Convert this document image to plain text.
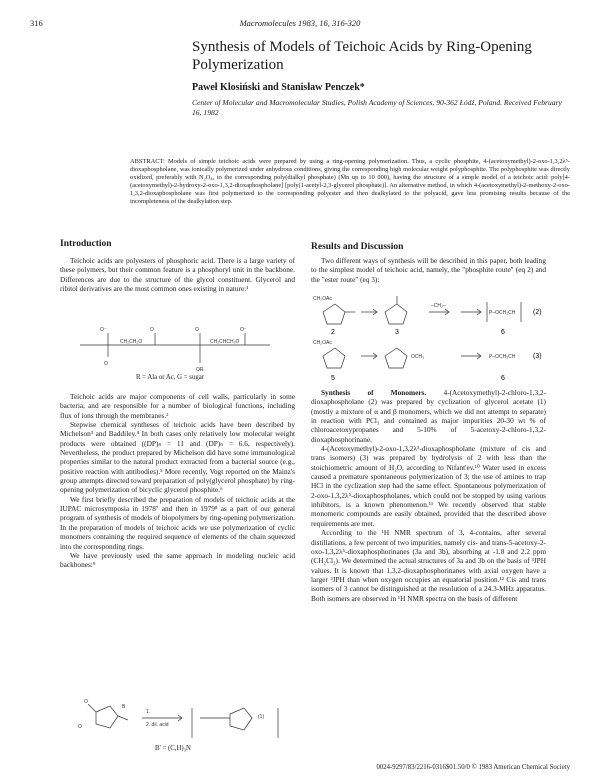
316	Macromolecules 1983, 16, 316-320
Synthesis of Models of Teichoic Acids by Ring-Opening Polymerization
Paweł Klosiński and Stanisław Penczek*
Center of Molecular and Macromolecular Studies, Polish Academy of Sciences, 90-362 Łódź, Poland. Received February 16, 1982
ABSTRACT: Models of simple teichoic acids were prepared by using a ring-opening polymerization. Thus, a cyclic phosphite, 4-(acetoxymethyl)-2-oxo-1,3,2λ⁵-dioxaphospholane, was ionically polymerized under anhydrous conditions, giving the corresponding high molecular weight polyphosphite. The polyphosphite was directly oxidized, preferably with N₂O₄, to the corresponding poly(dialkyl phosphate) (M̄n up to 10 000), having the structure of a simple model of a teichoic acid: poly[4-(acetoxymethyl)-2-hydroxy-2-oxo-1,3,2-dioxaphospholane] [poly(1-acetyl-2,3-glycerol phosphate)]. An alternative method, in which 4-(acetoxymethyl)-2-methoxy-2-oxo-1,3,2-dioxaphospholane was first polymerized to the corresponding polyester and then dealkylated to the polyacid, gave less promising results because of the incompleteness of the dealkylation step.
Introduction

Teichoic acids are polyesters of phosphoric acid. There is a large variety of these polymers, but their common feature is a phosphoryl unit in the backbone. Differences are due to the structure of the glycol constituent. Glycerol and ribitol derivatives are the most common ones existing in nature:¹

O⁻	O	O	O⁻
O
OR
CH₂CH₂O	CH₂CHCH₂O
R = Ala or Ac, G = sugar

Teichoic acids are major components of cell walls, particularly in some bacteria, and are responsible for a number of biological functions, including flux of ions through the membranes.²

Stepwise chemical syntheses of teichoic acids have been described by Michelson³ and Baddiley.⁴ In both cases only relatively low molecular weight products were obtained ((DP)ₙ = 11 and (DP)ₙ = 6.6, respectively). Nevertheless, the product prepared by Michelson did have some immunological properties similar to the natural product extracted from a bacterial source (e.g., positive reaction with antibodies).⁵ More recently, Vogt reported on the Mainz's group attempts directed toward preparation of poly(glycerol phosphate) by ring-opening polymerization of bicyclic glycerol phosphite.⁶

We first briefly described the preparation of models of teichoic acids at the IUPAC microsymposia in 1978⁷ and then in 1979⁸ as a part of our general program of synthesis of models of biopolymers by ring-opening polymerization. In the preparation of models of teichoic acids we use polymerization of cyclic monomers containing the required sequence of elements of the chain squeezed into the corresponding rings.

We have previously used the same approach in modeling nucleic acid backbones:⁹

O
B
O
1.
2. dil. acid
(1)
B' = (C,H)₃N
Results and Discussion

Two different ways of synthesis will be described in this paper, both leading to the simplest model of teichoic acid, namely, the "phosphite route" (eq 2) and the "ester route" (eq 3):

CH₂OAc
–CH₂–
P–OCH₂CH
CH₂OAc
OCH₃	P–OCH₂CH
(2)
(3)
2	3	6
5	6

Synthesis of Monomers. 4-(Acetoxymethyl)-2-chloro-1,3,2-dioxaphospholane (2) was prepared by cyclization of glycerol acetate (1) (mostly a mixture of α and β monomers, which we did not attempt to separate) in reaction with PCl₃ and contained as major impurities 20-30 wt % of chloroacetoxypropanes and 5-10% of 5-acetoxy-2-chloro-1,3,2-dioxaphosphorinane.

4-(Acetoxymethyl)-2-oxo-1,3,2λ⁵-dioxaphospholane (mixture of cis and trans isomers) (3) was prepared by hydrolysis of 2 with less than the stoichiometric amount of H₂O, according to Nifant'ev.¹⁰ Water used in excess caused a premature spontaneous polymerization of 3; the use of amines to trap HCl in the cyclization step had the same effect. Spontaneous polymerization of 2-oxo-1,3,2λ⁵-dioxaphospholanes, which could not be stopped by using various inhibitors, is a known phenomenon.¹¹ We recently observed that stable monomeric compounds are easily obtained, provided that the described above requirements are met.

According to the ¹H NMR spectrum of 3, 4-contains, after several distillations, a few percent of two impurities, namely cis- and trans-5-acetoxy-2-oxo-1,3,2λ⁵-dioxaphosphorinanes (3a and 3b), absorbing at -1.8 and 2.2 ppm (CH₂Cl₂). We determined the actual structures of 3a and 3b on the basis of ³JPH values. It is known that 1,3,2-dioxaphosphorinanes with axial oxygen have a larger ³JPH than when oxygen occupies an equatorial position.¹² Cis and trans isomers of 3 cannot be distinguished at the resolution of a 24.3-MHz apparatus. Both isomers are observed in ¹H NMR spectra on the basis of different

0024-9297/83/2216-0316$01.50/0 © 1983 American Chemical Society
